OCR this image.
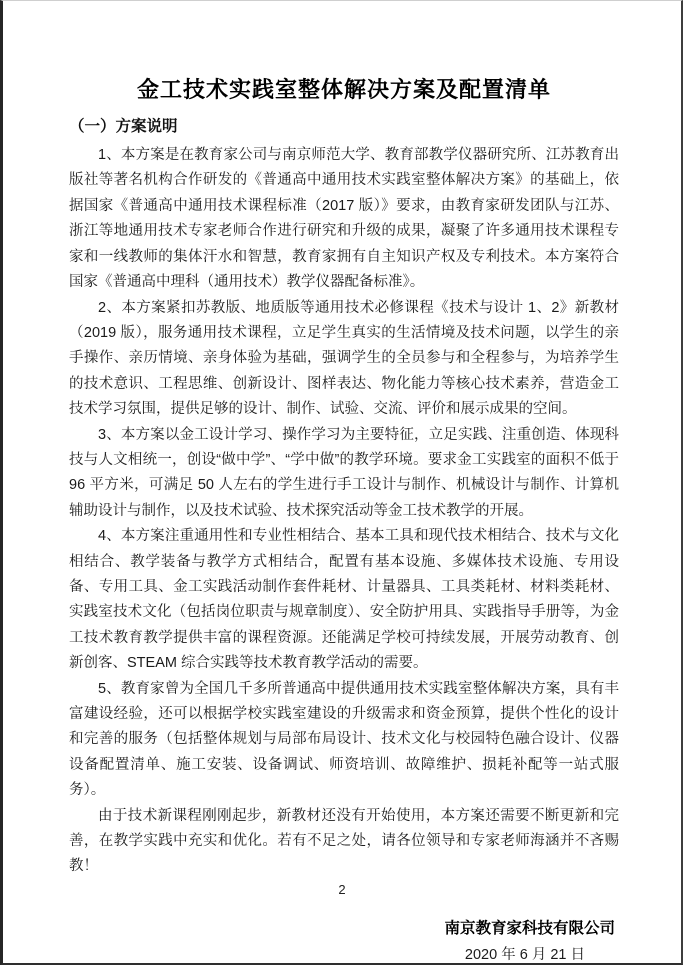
金工技术实践室整体解决方案及配置清单
（一）方案说明

1、本方案是在教育家公司与南京师范大学、教育部教学仪器研究所、江苏教育出版社等著名机构合作研发的《普通高中通用技术实践室整体解决方案》的基础上，依据国家《普通高中通用技术课程标准（2017 版）》要求，由教育家研发团队与江苏、浙江等地通用技术专家老师合作进行研究和升级的成果，凝聚了许多通用技术课程专家和一线教师的集体汗水和智慧，教育家拥有自主知识产权及专利技术。本方案符合国家《普通高中理科（通用技术）教学仪器配备标准》。

2、本方案紧扣苏教版、地质版等通用技术必修课程《技术与设计 1、2》新教材（2019 版），服务通用技术课程，立足学生真实的生活情境及技术问题，以学生的亲手操作、亲历情境、亲身体验为基础，强调学生的全员参与和全程参与，为培养学生的技术意识、工程思维、创新设计、图样表达、物化能力等核心技术素养，营造金工技术学习氛围，提供足够的设计、制作、试验、交流、评价和展示成果的空间。

3、本方案以金工设计学习、操作学习为主要特征，立足实践、注重创造、体现科技与人文相统一，创设“做中学”、“学中做”的教学环境。要求金工实践室的面积不低于 96 平方米，可满足 50 人左右的学生进行手工设计与制作、机械设计与制作、计算机辅助设计与制作，以及技术试验、技术探究活动等金工技术教学的开展。

4、本方案注重通用性和专业性相结合、基本工具和现代技术相结合、技术与文化相结合、教学装备与教学方式相结合，配置有基本设施、多媒体技术设施、专用设备、专用工具、金工实践活动制作套件耗材、计量器具、工具类耗材、材料类耗材、实践室技术文化（包括岗位职责与规章制度）、安全防护用具、实践指导手册等，为金工技术教育教学提供丰富的课程资源。还能满足学校可持续发展，开展劳动教育、创新创客、STEAM 综合实践等技术教育教学活动的需要。

5、教育家曾为全国几千多所普通高中提供通用技术实践室整体解决方案，具有丰富建设经验，还可以根据学校实践室建设的升级需求和资金预算，提供个性化的设计和完善的服务（包括整体规划与局部布局设计、技术文化与校园特色融合设计、仪器设备配置清单、施工安装、设备调试、师资培训、故障维护、损耗补配等一站式服务）。

由于技术新课程刚刚起步，新教材还没有开始使用，本方案还需要不断更新和完善，在教学实践中充实和优化。若有不足之处，请各位领导和专家老师海涵并不吝赐教！

南京教育家科技有限公司
2020 年 6 月 21 日
2
